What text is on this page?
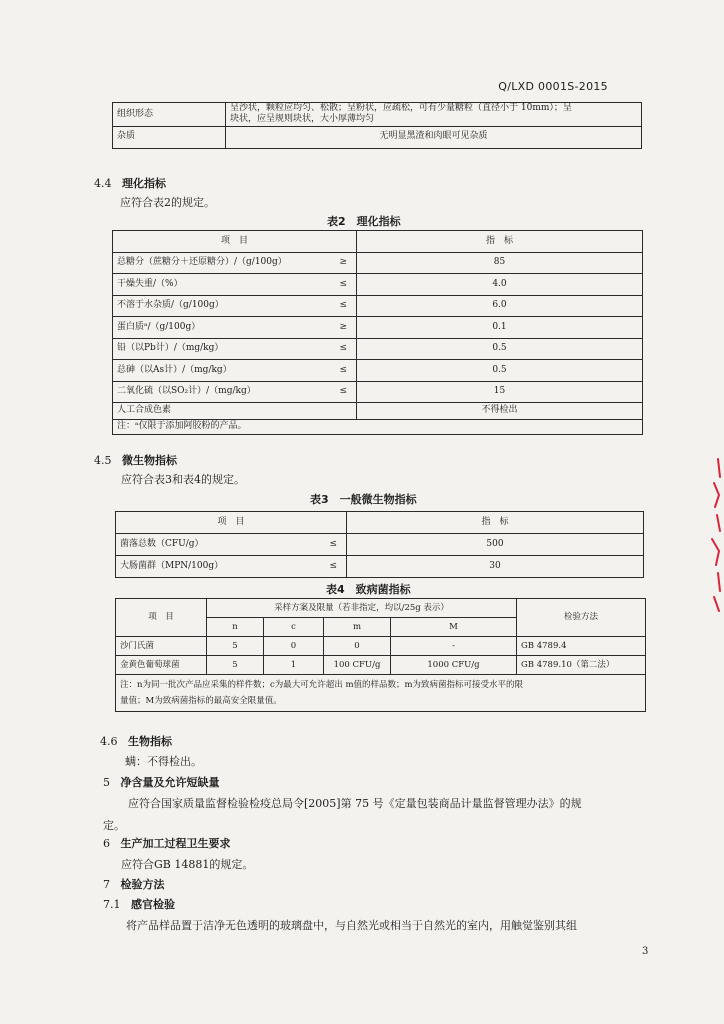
Q/LXD 0001S-2015
组织形态	呈沙状，颗粒应均匀、松散；呈粉状，应疏松，可有少量糖粒（直径小于 10mm）；呈
块状，应呈规则块状，大小厚薄均匀

杂质	无明显黑渣和肉眼可见杂质
4.4 理化指标
应符合表2的规定。
表2　理化指标
项　目		指　标
总糖分（蔗糖分＋还原糖分）/（g/100g）	≥	85
干燥失重/（%）	≤	4.0
不溶于水杂质/（g/100g）	≤	6.0
蛋白质ᵃ/（g/100g）	≥	0.1
铅（以Pb计）/（mg/kg）	≤	0.5
总砷（以As计）/（mg/kg）	≤	0.5
二氧化硫（以SO₂计）/（mg/kg）	≤	15
人工合成色素		不得检出
注：ᵃ仅限于添加阿胶粉的产品。		
4.5 微生物指标
应符合表3和表4的规定。
表3　一般微生物指标
项　目		指　标
菌落总数（CFU/g）	≤	500
大肠菌群（MPN/100g）	≤	30
表4　致病菌指标
项　目	采样方案及限量（若非指定，均以/25g 表示）				检验方法
	n	c	m	M	
沙门氏菌	5	0	0	-	GB 4789.4
金黄色葡萄球菌	5	1	100 CFU/g	1000 CFU/g	GB 4789.10（第二法）

注：n为同一批次产品应采集的样件数；c为最大可允许超出 m值的样品数；m为致病菌指标可接受水平的限
量值；M为致病菌指标的最高安全限量值。					
4.6 生物指标
螨：不得检出。
5 净含量及允许短缺量
应符合国家质量监督检验检疫总局令[2005]第 75 号《定量包装商品计量监督管理办法》的规
定。
6 生产加工过程卫生要求
应符合GB 14881的规定。
7 检验方法
7.1 感官检验
将产品样品置于洁净无色透明的玻璃盘中，与自然光或相当于自然光的室内，用触觉鉴别其组
3
